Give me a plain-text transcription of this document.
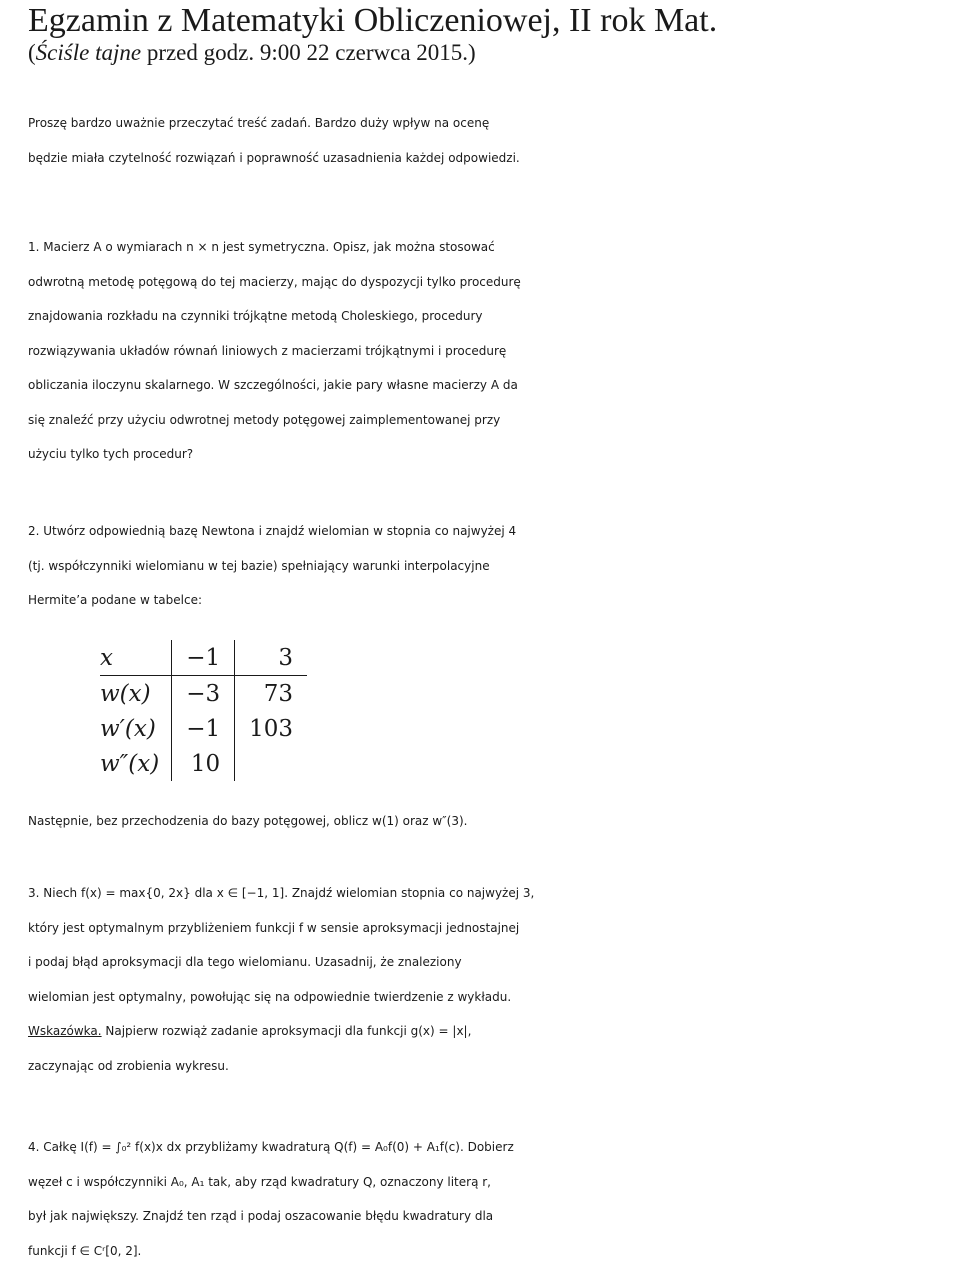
Egzamin z Matematyki Obliczeniowej, II rok Mat.
(Ściśle tajne przed godz. 9:00 22 czerwca 2015.)
Proszę bardzo uważnie przeczytać treść zadań. Bardzo duży wpływ na ocenę
będzie miała czytelność rozwiązań i poprawność uzasadnienia każdej odpowiedzi.
1. Macierz A o wymiarach n × n jest symetryczna. Opisz, jak można stosować
odwrotną metodę potęgową do tej macierzy, mając do dyspozycji tylko procedurę
znajdowania rozkładu na czynniki trójkątne metodą Choleskiego, procedury
rozwiązywania układów równań liniowych z macierzami trójkątnymi i procedurę
obliczania iloczynu skalarnego. W szczególności, jakie pary własne macierzy A da
się znaleźć przy użyciu odwrotnej metody potęgowej zaimplementowanej przy
użyciu tylko tych procedur?
2. Utwórz odpowiednią bazę Newtona i znajdź wielomian w stopnia co najwyżej 4
(tj. współczynniki wielomianu w tej bazie) spełniający warunki interpolacyjne
Hermite’a podane w tabelce:
x	−1	3
w(x)	−3	73
w′(x)	−1	103
w″(x)	10	
Następnie, bez przechodzenia do bazy potęgowej, oblicz w(1) oraz w″(3).
3. Niech f(x) = max{0, 2x} dla x ∈ [−1, 1]. Znajdź wielomian stopnia co najwyżej 3,
który jest optymalnym przybliżeniem funkcji f w sensie aproksymacji jednostajnej
i podaj błąd aproksymacji dla tego wielomianu. Uzasadnij, że znaleziony
wielomian jest optymalny, powołując się na odpowiednie twierdzenie z wykładu.
Wskazówka. Najpierw rozwiąż zadanie aproksymacji dla funkcji g(x) = |x|,
zaczynając od zrobienia wykresu.
4. Całkę I(f) = ∫₀² f(x)x dx przybliżamy kwadraturą Q(f) = A₀f(0) + A₁f(c). Dobierz
węzeł c i współczynniki A₀, A₁ tak, aby rząd kwadratury Q, oznaczony literą r,
był jak największy. Znajdź ten rząd i podaj oszacowanie błędu kwadratury dla
funkcji f ∈ Cʳ[0, 2].
